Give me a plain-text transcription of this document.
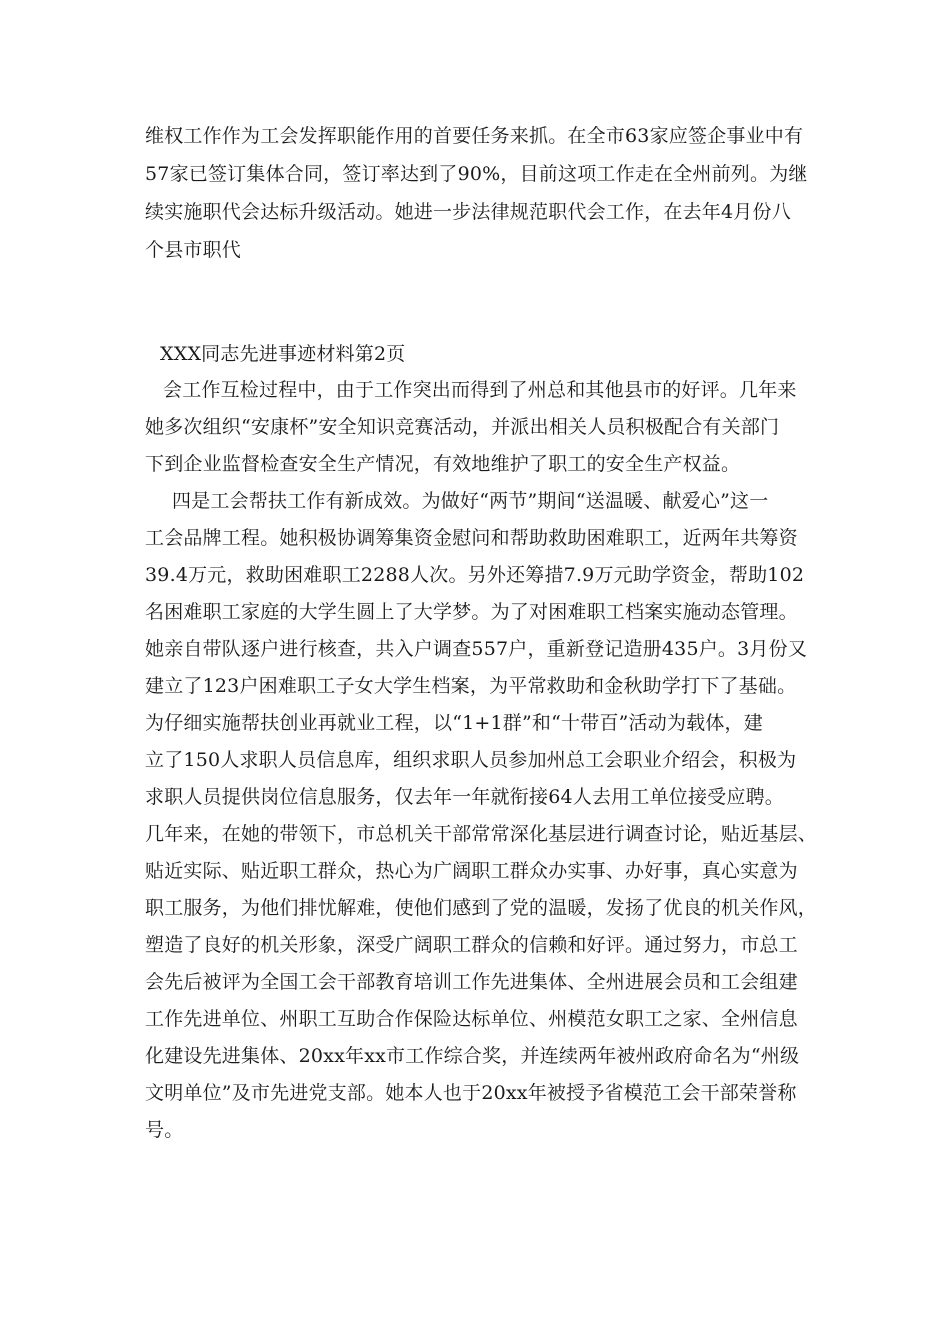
维权工作作为工会发挥职能作用的首要任务来抓。在全市63家应签企事业中有
57家已签订集体合同，签订率达到了90%，目前这项工作走在全州前列。为继
续实施职代会达标升级活动。她进一步法律规范职代会工作，在去年4月份八
个县市职代
XXX同志先进事迹材料第2页
会工作互检过程中，由于工作突出而得到了州总和其他县市的好评。几年来
她多次组织“安康杯”安全知识竞赛活动，并派出相关人员积极配合有关部门
下到企业监督检查安全生产情况，有效地维护了职工的安全生产权益。
四是工会帮扶工作有新成效。为做好“两节”期间“送温暖、献爱心”这一
工会品牌工程。她积极协调筹集资金慰问和帮助救助困难职工，近两年共筹资
39.4万元，救助困难职工2288人次。另外还筹措7.9万元助学资金，帮助102
名困难职工家庭的大学生圆上了大学梦。为了对困难职工档案实施动态管理。
她亲自带队逐户进行核查，共入户调查557户，重新登记造册435户。3月份又
建立了123户困难职工子女大学生档案，为平常救助和金秋助学打下了基础。
为仔细实施帮扶创业再就业工程，以“1+1群”和“十带百”活动为载体，建
立了150人求职人员信息库，组织求职人员参加州总工会职业介绍会，积极为
求职人员提供岗位信息服务，仅去年一年就衔接64人去用工单位接受应聘。
几年来，在她的带领下，市总机关干部常常深化基层进行调查讨论，贴近基层、
贴近实际、贴近职工群众，热心为广阔职工群众办实事、办好事，真心实意为
职工服务，为他们排忧解难，使他们感到了党的温暖，发扬了优良的机关作风，
塑造了良好的机关形象，深受广阔职工群众的信赖和好评。通过努力，市总工
会先后被评为全国工会干部教育培训工作先进集体、全州进展会员和工会组建
工作先进单位、州职工互助合作保险达标单位、州模范女职工之家、全州信息
化建设先进集体、20xx年xx市工作综合奖，并连续两年被州政府命名为“州级
文明单位”及市先进党支部。她本人也于20xx年被授予省模范工会干部荣誉称
号。
